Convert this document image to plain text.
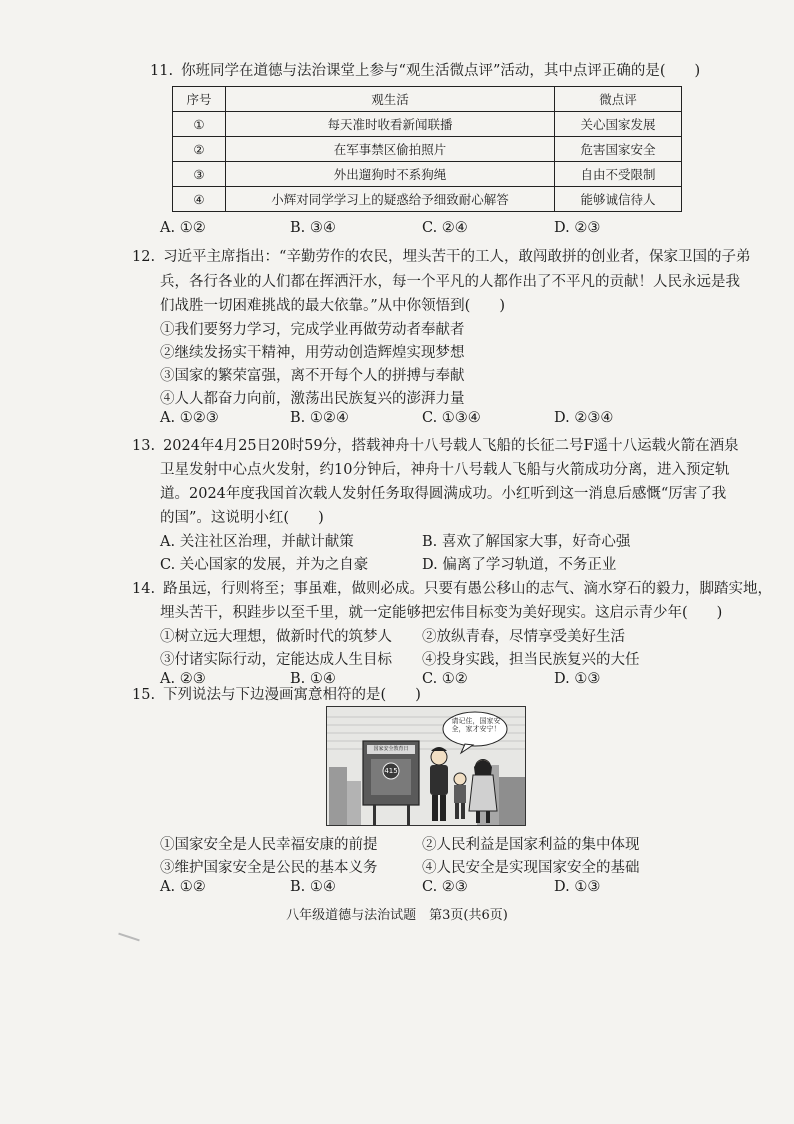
11. 你班同学在道德与法治课堂上参与“观生活微点评”活动，其中点评正确的是(　　)
序号	观生活	微点评
①	每天准时收看新闻联播	关心国家发展
②	在军事禁区偷拍照片	危害国家安全
③	外出遛狗时不系狗绳	自由不受限制
④	小辉对同学学习上的疑惑给予细致耐心解答	能够诚信待人
A. ①②	B. ③④	C. ②④	D. ②③
12. 习近平主席指出：“辛勤劳作的农民，埋头苦干的工人，敢闯敢拼的创业者，保家卫国的子弟
兵，各行各业的人们都在挥洒汗水，每一个平凡的人都作出了不平凡的贡献！人民永远是我
们战胜一切困难挑战的最大依靠。”从中你领悟到(　　)
①我们要努力学习，完成学业再做劳动者奉献者
②继续发扬实干精神，用劳动创造辉煌实现梦想
③国家的繁荣富强，离不开每个人的拼搏与奉献
④人人都奋力向前，激荡出民族复兴的澎湃力量
A. ①②③	B. ①②④	C. ①③④	D. ②③④
13. 2024年4月25日20时59分，搭载神舟十八号载人飞船的长征二号F遥十八运载火箭在酒泉
卫星发射中心点火发射，约10分钟后，神舟十八号载人飞船与火箭成功分离，进入预定轨
道。2024年度我国首次载人发射任务取得圆满成功。小红听到这一消息后感慨“厉害了我
的国”。这说明小红(　　)
A. 关注社区治理，并献计献策	B. 喜欢了解国家大事，好奇心强
C. 关心国家的发展，并为之自豪	D. 偏离了学习轨道，不务正业
14. 路虽远，行则将至；事虽难，做则必成。只要有愚公移山的志气、滴水穿石的毅力，脚踏实地，
埋头苦干，积跬步以至千里，就一定能够把宏伟目标变为美好现实。这启示青少年(　　)
①树立远大理想，做新时代的筑梦人 ②放纵青春，尽情享受美好生活
③付诸实际行动，定能达成人生目标 ④投身实践，担当民族复兴的大任
A. ②③	B. ①④	C. ①②	D. ①③
15. 下列说法与下边漫画寓意相符的是(　　)
请记住，国家安全，家才安宁！
国家安全教育日
415
①国家安全是人民幸福安康的前提	②人民利益是国家利益的集中体现
③维护国家安全是公民的基本义务	④人民安全是实现国家安全的基础
A. ①②	B. ①④	C. ②③	D. ①③
八年级道德与法治试题　第3页(共6页)
